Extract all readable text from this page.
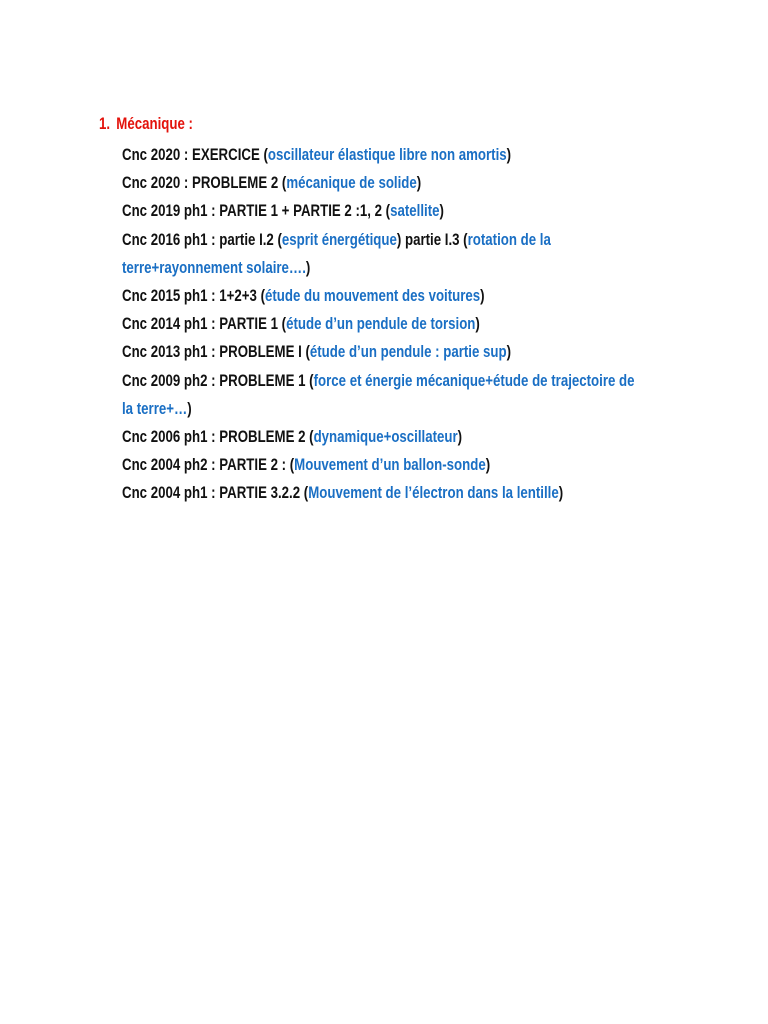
1. Mécanique :
Cnc 2020 : EXERCICE (oscillateur élastique libre non amortis)
Cnc 2020 : PROBLEME 2 (mécanique de solide)
Cnc 2019 ph1 : PARTIE 1 + PARTIE 2 :1, 2 (satellite)
Cnc 2016 ph1 : partie I.2 (esprit énergétique) partie I.3 (rotation de la
terre+rayonnement solaire….)
Cnc 2015 ph1 : 1+2+3 (étude du mouvement des voitures)
Cnc 2014 ph1 : PARTIE 1 (étude d’un pendule de torsion)
Cnc 2013 ph1 : PROBLEME I (étude d’un pendule : partie sup)
Cnc 2009 ph2 : PROBLEME 1 (force et énergie mécanique+étude de trajectoire de
la terre+…)
Cnc 2006 ph1 : PROBLEME 2 (dynamique+oscillateur)
Cnc 2004 ph2 : PARTIE 2 : (Mouvement d’un ballon-sonde)
Cnc 2004 ph1 : PARTIE 3.2.2 (Mouvement de l’électron dans la lentille)
